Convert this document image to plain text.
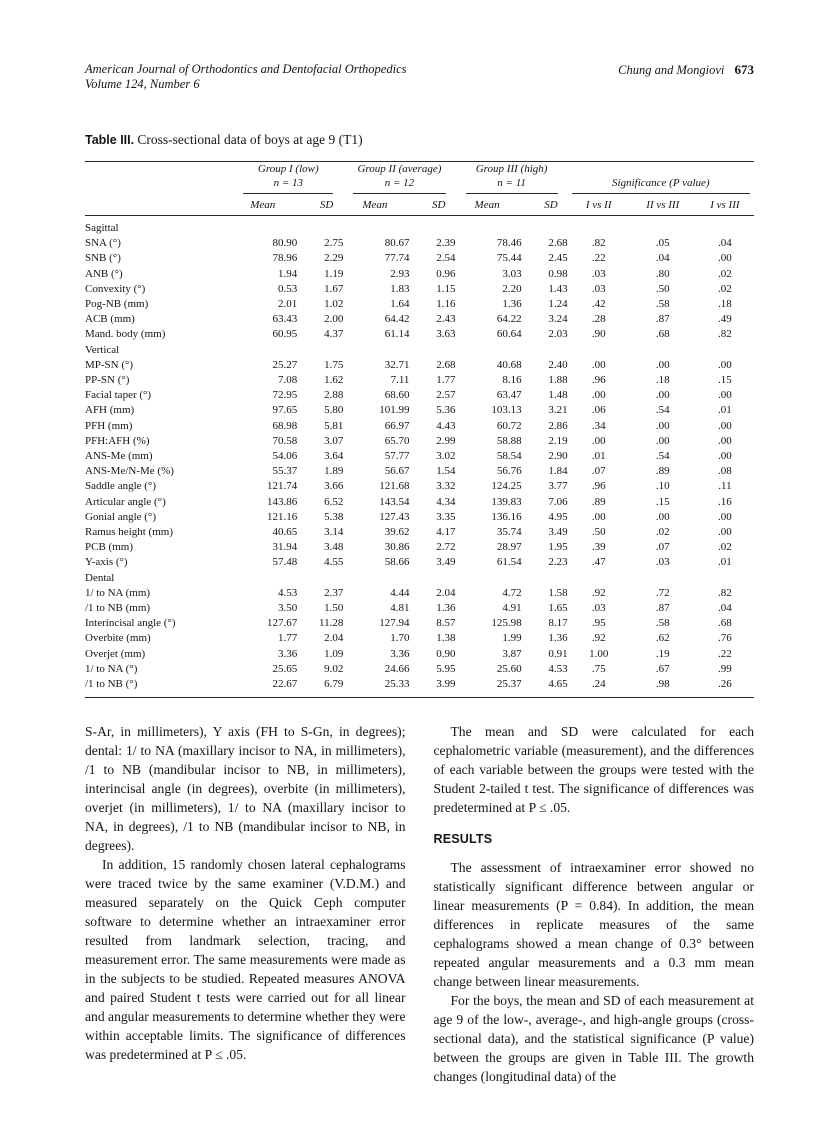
American Journal of Orthodontics and Dentofacial Orthopedics
Volume 124, Number 6
Chung and Mongiovi 673
Table III. Cross-sectional data of boys at age 9 (T1)

Group I (low)
n = 13

Group II (average)
n = 12

Group III (high)
n = 11	Significance (P value)

	Mean	SD	Mean	SD	Mean	SD	I vs II	II vs III	I vs III
Sagittal									
SNA (°)	80.90	2.75	80.67	2.39	78.46	2.68	.82	.05	.04
SNB (°)	78.96	2.29	77.74	2.54	75.44	2.45	.22	.04	.00
ANB (°)	1.94	1.19	2.93	0.96	3.03	0.98	.03	.80	.02
Convexity (°)	0.53	1.67	1.83	1.15	2.20	1.43	.03	.50	.02
Pog-NB (mm)	2.01	1.02	1.64	1.16	1.36	1.24	.42	.58	.18
ACB (mm)	63.43	2.00	64.42	2.43	64.22	3.24	.28	.87	.49
Mand. body (mm)	60.95	4.37	61.14	3.63	60.64	2.03	.90	.68	.82
Vertical									
MP-SN (°)	25.27	1.75	32.71	2.68	40.68	2.40	.00	.00	.00
PP-SN (°)	7.08	1.62	7.11	1.77	8.16	1.88	.96	.18	.15
Facial taper (°)	72.95	2.88	68.60	2.57	63.47	1.48	.00	.00	.00
AFH (mm)	97.65	5.80	101.99	5.36	103.13	3.21	.06	.54	.01
PFH (mm)	68.98	5.81	66.97	4.43	60.72	2.86	.34	.00	.00
PFH:AFH (%)	70.58	3.07	65.70	2.99	58.88	2.19	.00	.00	.00
ANS-Me (mm)	54.06	3.64	57.77	3.02	58.54	2.90	.01	.54	.00
ANS-Me/N-Me (%)	55.37	1.89	56.67	1.54	56.76	1.84	.07	.89	.08
Saddle angle (°)	121.74	3.66	121.68	3.32	124.25	3.77	.96	.10	.11
Articular angle (°)	143.86	6.52	143.54	4.34	139.83	7.06	.89	.15	.16
Gonial angle (°)	121.16	5.38	127.43	3.35	136.16	4.95	.00	.00	.00
Ramus height (mm)	40.65	3.14	39.62	4.17	35.74	3.49	.50	.02	.00
PCB (mm)	31.94	3.48	30.86	2.72	28.97	1.95	.39	.07	.02
Y-axis (°)	57.48	4.55	58.66	3.49	61.54	2.23	.47	.03	.01
Dental									
1/ to NA (mm)	4.53	2.37	4.44	2.04	4.72	1.58	.92	.72	.82
/1 to NB (mm)	3.50	1.50	4.81	1.36	4.91	1.65	.03	.87	.04
Interincisal angle (°)	127.67	11.28	127.94	8.57	125.98	8.17	.95	.58	.68
Overbite (mm)	1.77	2.04	1.70	1.38	1.99	1.36	.92	.62	.76
Overjet (mm)	3.36	1.09	3.36	0.90	3.87	0.91	1.00	.19	.22
1/ to NA (°)	25.65	9.02	24.66	5.95	25.60	4.53	.75	.67	.99
/1 to NB (°)	22.67	6.79	25.33	3.99	25.37	4.65	.24	.98	.26

S-Ar, in millimeters), Y axis (FH to S-Gn, in degrees); dental: 1/ to NA (maxillary incisor to NA, in millimeters), /1 to NB (mandibular incisor to NB, in millimeters), interincisal angle (in degrees), overbite (in millimeters), overjet (in millimeters), 1/ to NA (maxillary incisor to NA, in degrees), /1 to NB (mandibular incisor to NB, in degrees).

In addition, 15 randomly chosen lateral cephalograms were traced twice by the same examiner (V.D.M.) and measured separately on the Quick Ceph computer software to determine whether an intraexaminer error resulted from landmark selection, tracing, and measurement error. The same measurements were made as in the subjects to be studied. Repeated measures ANOVA and paired Student t tests were carried out for all linear and angular measurements to determine whether they were within acceptable limits. The significance of differences was predetermined at P ≤ .05.

The mean and SD were calculated for each cephalometric variable (measurement), and the differences of each variable between the groups were tested with the Student 2-tailed t test. The significance of differences was predetermined at P ≤ .05.

RESULTS

The assessment of intraexaminer error showed no statistically significant difference between angular or linear measurements (P = 0.84). In addition, the mean differences in replicate measures of the same cephalograms showed a mean change of 0.3° between repeated angular measurements and a 0.3 mm mean change between linear measurements.

For the boys, the mean and SD of each measurement at age 9 of the low-, average-, and high-angle groups (cross-sectional data), and the statistical significance (P value) between the groups are given in Table III. The growth changes (longitudinal data) of the
